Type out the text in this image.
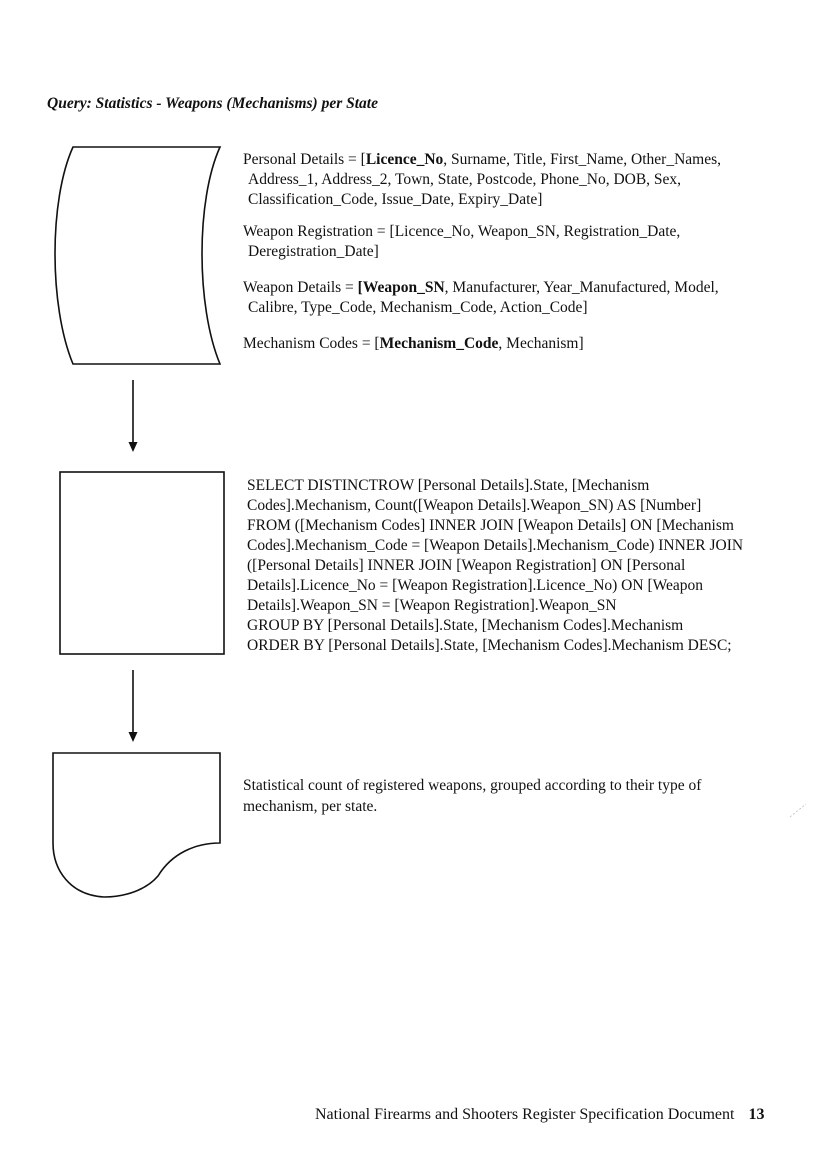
Query: Statistics - Weapons (Mechanisms) per State
Personal Details = [Licence_No, Surname, Title, First_Name, Other_Names,
Address_1, Address_2, Town, State, Postcode, Phone_No, DOB, Sex,
Classification_Code, Issue_Date, Expiry_Date]
Weapon Registration = [Licence_No, Weapon_SN, Registration_Date,
Deregistration_Date]
Weapon Details = [Weapon_SN, Manufacturer, Year_Manufactured, Model,
Calibre, Type_Code, Mechanism_Code, Action_Code]
Mechanism Codes = [Mechanism_Code, Mechanism]
SELECT DISTINCTROW [Personal Details].State, [Mechanism
Codes].Mechanism, Count([Weapon Details].Weapon_SN) AS [Number]
FROM ([Mechanism Codes] INNER JOIN [Weapon Details] ON [Mechanism
Codes].Mechanism_Code = [Weapon Details].Mechanism_Code) INNER JOIN
([Personal Details] INNER JOIN [Weapon Registration] ON [Personal
Details].Licence_No = [Weapon Registration].Licence_No) ON [Weapon
Details].Weapon_SN = [Weapon Registration].Weapon_SN
GROUP BY [Personal Details].State, [Mechanism Codes].Mechanism
ORDER BY [Personal Details].State, [Mechanism Codes].Mechanism DESC;
Statistical count of registered weapons, grouped according to their type of
mechanism, per state.
National Firearms and Shooters Register Specification Document 13
